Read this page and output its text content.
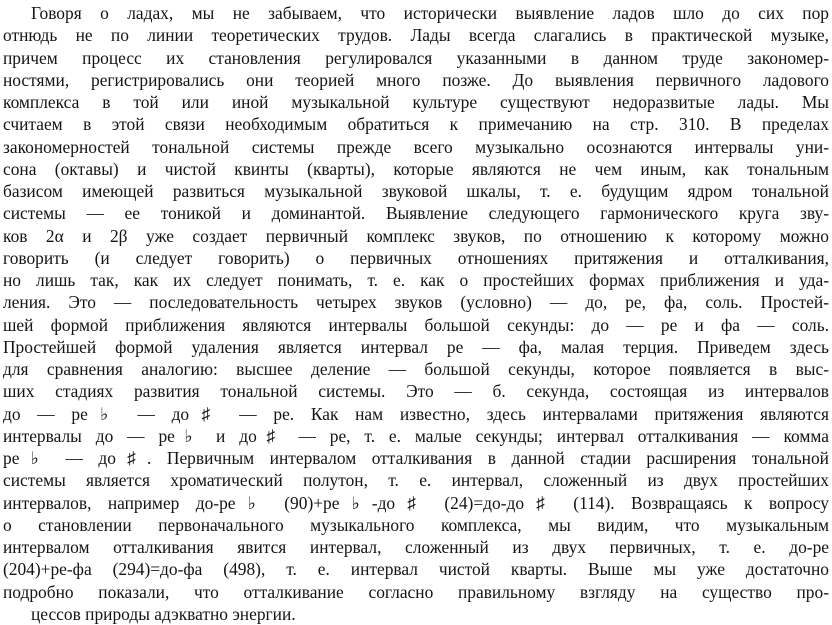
Говоря о ладах, мы не забываем, что исторически выявление ладов шло до сих пор
отнюдь не по линии теоретических трудов. Лады всегда слагались в практической музыке,
причем процесс их становления регулировался указанными в данном труде закономер-
ностями, регистрировались они теорией много позже. До выявления первичного ладового
комплекса в той или иной музыкальной культуре существуют недоразвитые лады. Мы
считаем в этой связи необходимым обратиться к примечанию на стр. 310. В пределах
закономерностей тональной системы прежде всего музыкально осознаются интервалы уни-
сона (октавы) и чистой квинты (кварты), которые являются не чем иным, как тональным
базисом имеющей развиться музыкальной звуковой шкалы, т. е. будущим ядром тональной
системы — ее тоникой и доминантой. Выявление следующего гармонического круга зву-
ков 2α и 2β уже создает первичный комплекс звуков, по отношению к которому можно
говорить (и следует говорить) о первичных отношениях притяжения и отталкивания,
но лишь так, как их следует понимать, т. е. как о простейших формах приближения и уда-
ления. Это — последовательность четырех звуков (условно) — до, ре, фа, соль. Простей-
шей формой приближения являются интервалы большой секунды: до — ре и фа — соль.
Простейшей формой удаления является интервал ре — фа, малая терция. Приведем здесь
для сравнения аналогию: высшее деление — большой секунды, которое появляется в выс-
ших стадиях развития тональной системы. Это — б. секунда, состоящая из интервалов
до — ре♭ — до♯ — ре. Как нам известно, здесь интервалами притяжения являются
интервалы до — ре♭ и до♯ — ре, т. е. малые секунды; интервал отталкивания — комма
ре♭ — до♯. Первичным интервалом отталкивания в данной стадии расширения тональной
системы является хроматический полутон, т. е. интервал, сложенный из двух простейших
интервалов, например до-ре♭ (90)+ре♭-до♯ (24)=до-до♯ (114). Возвращаясь к вопросу
о становлении первоначального музыкального комплекса, мы видим, что музыкальным
интервалом отталкивания явится интервал, сложенный из двух первичных, т. е. до-ре
(204)+ре-фа (294)=до-фа (498), т. е. интервал чистой кварты. Выше мы уже достаточно
подробно показали, что отталкивание согласно правильному взгляду на существо про-
цессов природы адэкватно энергии.
